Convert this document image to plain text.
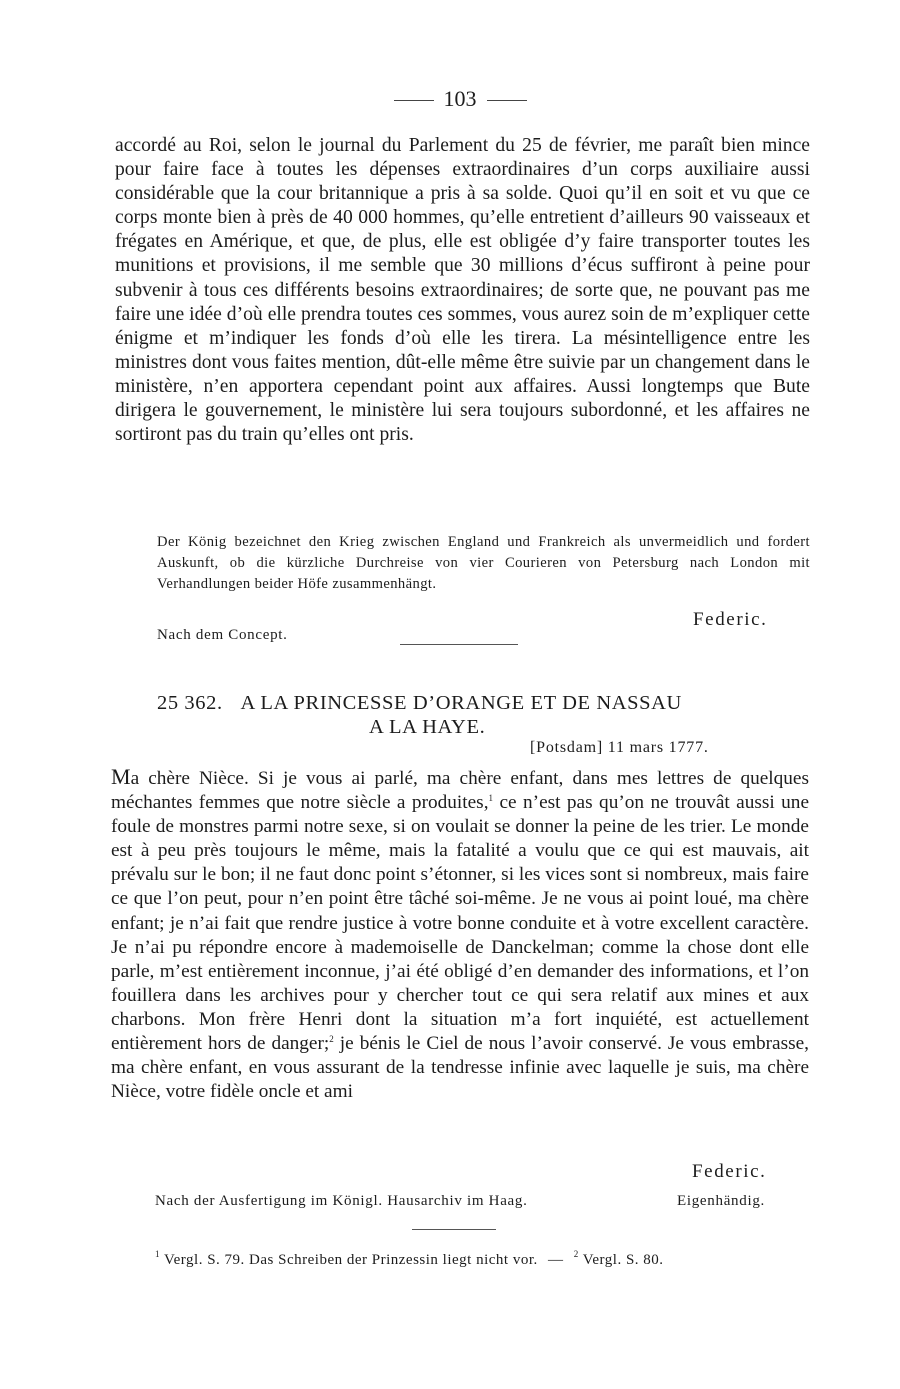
103

accordé au Roi, selon le journal du Parlement du 25 de février, me paraît bien mince pour faire face à toutes les dépenses extraordinaires d’un corps auxiliaire aussi considérable que la cour britannique a pris à sa solde. Quoi qu’il en soit et vu que ce corps monte bien à près de 40 000 hommes, qu’elle entretient d’ailleurs 90 vaisseaux et frégates en Amérique, et que, de plus, elle est obligée d’y faire transporter toutes les munitions et provisions, il me semble que 30 millions d’écus suffiront à peine pour subvenir à tous ces différents besoins extraordinaires; de sorte que, ne pouvant pas me faire une idée d’où elle prendra toutes ces sommes, vous aurez soin de m’expliquer cette énigme et m’indiquer les fonds d’où elle les tirera. La mésintelligence entre les ministres dont vous faites mention, dût-elle même être suivie par un changement dans le ministère, n’en apportera cependant point aux affaires. Aussi longtemps que Bute dirigera le gouvernement, le ministère lui sera toujours subordonné, et les affaires ne sortiront pas du train qu’elles ont pris.

Der König bezeichnet den Krieg zwischen England und Frankreich als unvermeidlich und fordert Auskunft, ob die kürzliche Durchreise von vier Courieren von Petersburg nach London mit Verhandlungen beider Höfe zusammenhängt.
Federic.
Nach dem Concept.
25 362. A LA PRINCESSE D’ORANGE ET DE NASSAU
A LA HAYE.
[Potsdam] 11 mars 1777.

Ma chère Nièce. Si je vous ai parlé, ma chère enfant, dans mes lettres de quelques méchantes femmes que notre siècle a produites,$^1$ ce n’est pas qu’on ne trouvât aussi une foule de monstres parmi notre sexe, si on voulait se donner la peine de les trier. Le monde est à peu près toujours le même, mais la fatalité a voulu que ce qui est mauvais, ait prévalu sur le bon; il ne faut donc point s’étonner, si les vices sont si nombreux, mais faire ce que l’on peut, pour n’en point être tâché soi-même. Je ne vous ai point loué, ma chère enfant; je n’ai fait que rendre justice à votre bonne conduite et à votre excellent caractère. Je n’ai pu répondre encore à mademoiselle de Danckelman; comme la chose dont elle parle, m’est entièrement inconnue, j’ai été obligé d’en demander des informations, et l’on fouillera dans les archives pour y chercher tout ce qui sera relatif aux mines et aux charbons. Mon frère Henri dont la situation m’a fort inquiété, est actuellement entièrement hors de danger;$^2$ je bénis le Ciel de nous l’avoir conservé. Je vous embrasse, ma chère enfant, en vous assurant de la tendresse infinie avec laquelle je suis, ma chère Nièce, votre fidèle oncle et ami

Federic.
Nach der Ausfertigung im Königl. Hausarchiv im Haag.	Eigenhändig.
$^1$ Vergl. S. 79. Das Schreiben der Prinzessin liegt nicht vor. — $^2$ Vergl. S. 80.
